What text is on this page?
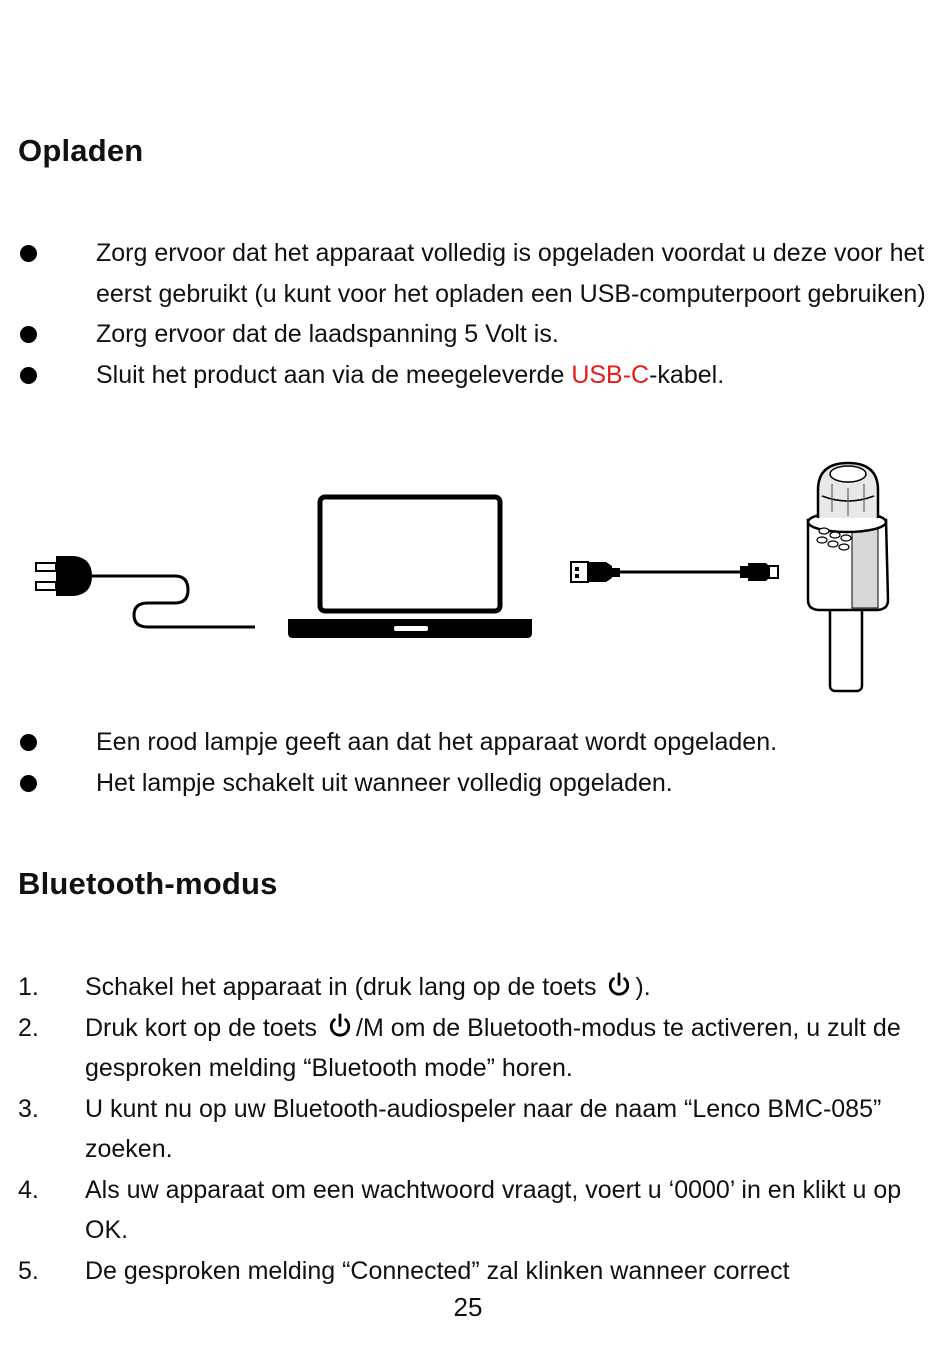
Opladen
Zorg ervoor dat het apparaat volledig is opgeladen voordat u deze voor het eerst gebruikt (u kunt voor het opladen een USB-computerpoort gebruiken)
Zorg ervoor dat de laadspanning 5 Volt is.
Sluit het product aan via de meegeleverde USB-C-kabel.
Een rood lampje geeft aan dat het apparaat wordt opgeladen.
Het lampje schakelt uit wanneer volledig opgeladen.
Bluetooth-modus
1. Schakel het apparaat in (druk lang op de toets ).
2. Druk kort op de toets /M om de Bluetooth-modus te activeren, u zult de gesproken melding “Bluetooth mode” horen.
3. U kunt nu op uw Bluetooth-audiospeler naar de naam “Lenco BMC-085” zoeken.
4. Als uw apparaat om een wachtwoord vraagt, voert u ‘0000’ in en klikt u op OK.
5. De gesproken melding “Connected” zal klinken wanneer correct
25
